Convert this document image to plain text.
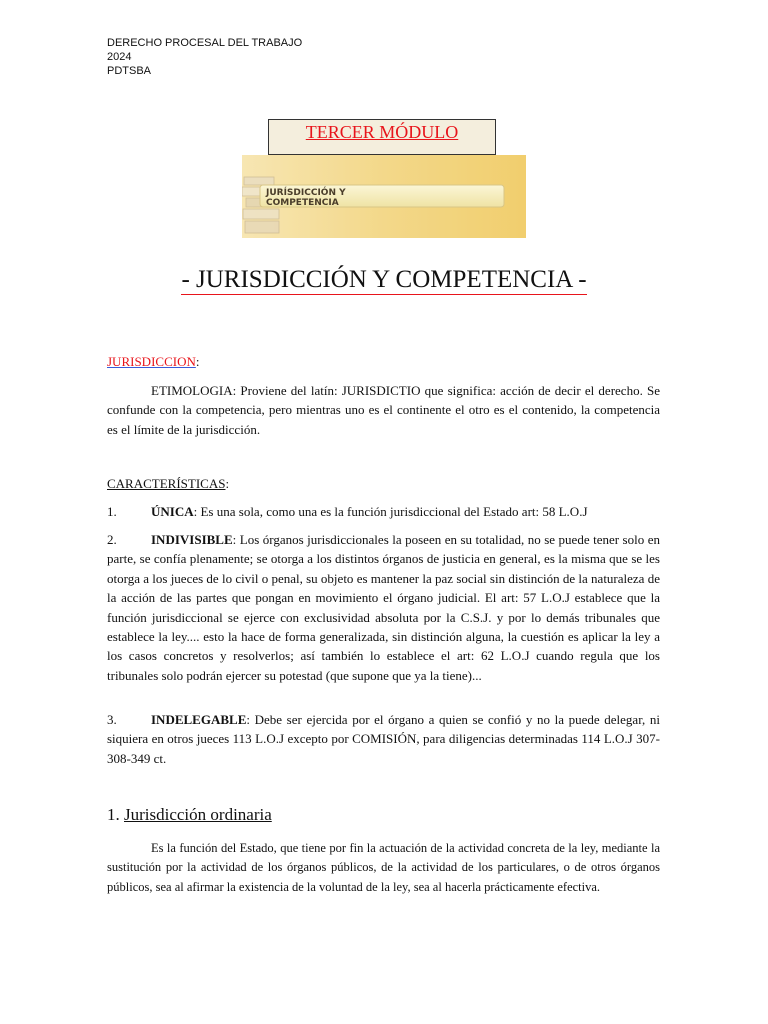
DERECHO PROCESAL DEL TRABAJO
2024
PDTSBA
TERCER MÓDULO
JURÍSDICCIÓN Y
COMPETENCIA
- JURISDICCIÓN Y COMPETENCIA -
JURISDICCION:
ETIMOLOGIA: Proviene del latín: JURISDICTIO que significa: acción de decir el derecho. Se confunde con la competencia, pero mientras uno es el continente el otro es el contenido, la competencia es el límite de la jurisdicción.
CARACTERÍSTICAS:
1.	ÚNICA: Es una sola, como una es la función jurisdiccional del Estado art: 58 L.O.J
2.	INDIVISIBLE: Los órganos jurisdiccionales la poseen en su totalidad, no se puede tener solo en parte, se confía plenamente; se otorga a los distintos órganos de justicia en general, es la misma que se les otorga a los jueces de lo civil o penal, su objeto es mantener la paz social sin distinción de la naturaleza de la acción de las partes que pongan en movimiento el órgano judicial. El art: 57 L.O.J establece que la función jurisdiccional se ejerce con exclusividad absoluta por la C.S.J. y por lo demás tribunales que establece la ley.... esto la hace de forma generalizada, sin distinción alguna, la cuestión es aplicar la ley a los casos concretos y resolverlos; así también lo establece el art: 62 L.O.J cuando regula que los tribunales solo podrán ejercer su potestad (que supone que ya la tiene)...
3.	INDELEGABLE: Debe ser ejercida por el órgano a quien se confió y no la puede delegar, ni siquiera en otros jueces 113 L.O.J excepto por COMISIÓN, para diligencias determinadas 114 L.O.J 307-308-349 ct.
1. Jurisdicción ordinaria
Es la función del Estado, que tiene por fin la actuación de la actividad concreta de la ley, mediante la sustitución por la actividad de los órganos públicos, de la actividad de los particulares, o de otros órganos públicos, sea al afirmar la existencia de la voluntad de la ley, sea al hacerla prácticamente efectiva.
